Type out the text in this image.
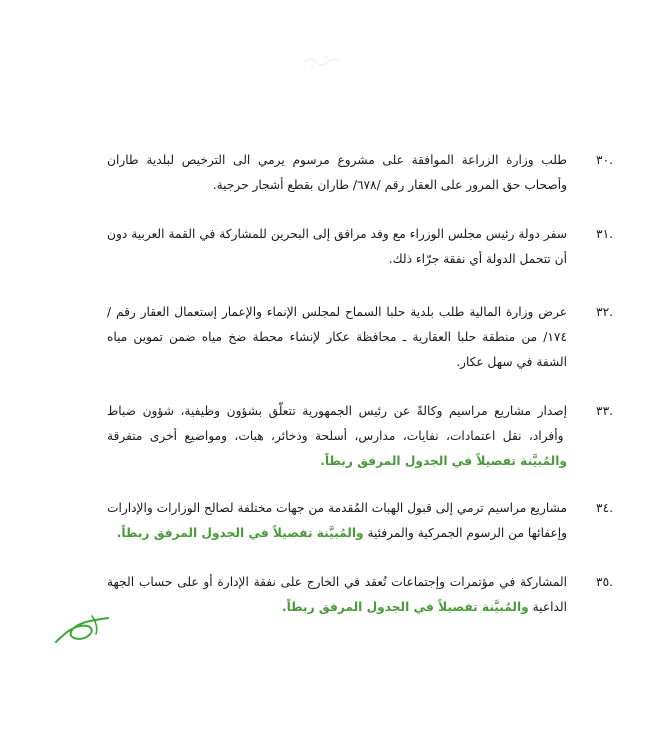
.٣٠
طلب وزارة الزراعة الموافقة على مشروع مرسوم يرمي الى الترخيص لبلدية طاران وأصحاب حق المرور على العقار رقم /٦٧٨/ طاران بقطع أشجار حرجية.
.٣١
سفر دولة رئيس مجلس الوزراء مع وفد مرافق إلى البحرين للمشاركة في القمة العربية دون أن تتحمل الدولة أي نفقة جرّاء ذلك.
.٣٢
عرض وزارة المالية طلب بلدية حلبا السماح لمجلس الإنماء والإعمار إستعمال العقار رقم /١٧٤/ من منطقة حلبا العقارية ـ محافظة عكار لإنشاء محطة ضخ مياه ضمن تموين مياه الشفة في سهل عكار.
.٣٣
إصدار مشاريع مراسيم وكالةً عن رئيس الجمهورية تتعلّق بشؤون وظيفية، شؤون ضباط وأفراد، نقل اعتمادات، نفايات، مدارس، أسلحة وذخائر، هبات، ومواضيع أخرى متفرقة والمُبيَّنة تفصيلاً في الجدول المرفق ربطاً.
.٣٤
مشاريع مراسيم ترمي إلى قبول الهبات المُقدمة من جهات مختلفة لصالح الوزارات والإدارات وإعفائها من الرسوم الجمركية والمرفئية والمُبيَّنة تفصيلاً في الجدول المرفق ربطاً.
.٣٥
المشاركة في مؤتمرات وإجتماعات تُعقد في الخارج على نفقة الإدارة أو على حساب الجهة الداعية والمُبيَّنة تفصيلاً في الجدول المرفق ربطاً.
